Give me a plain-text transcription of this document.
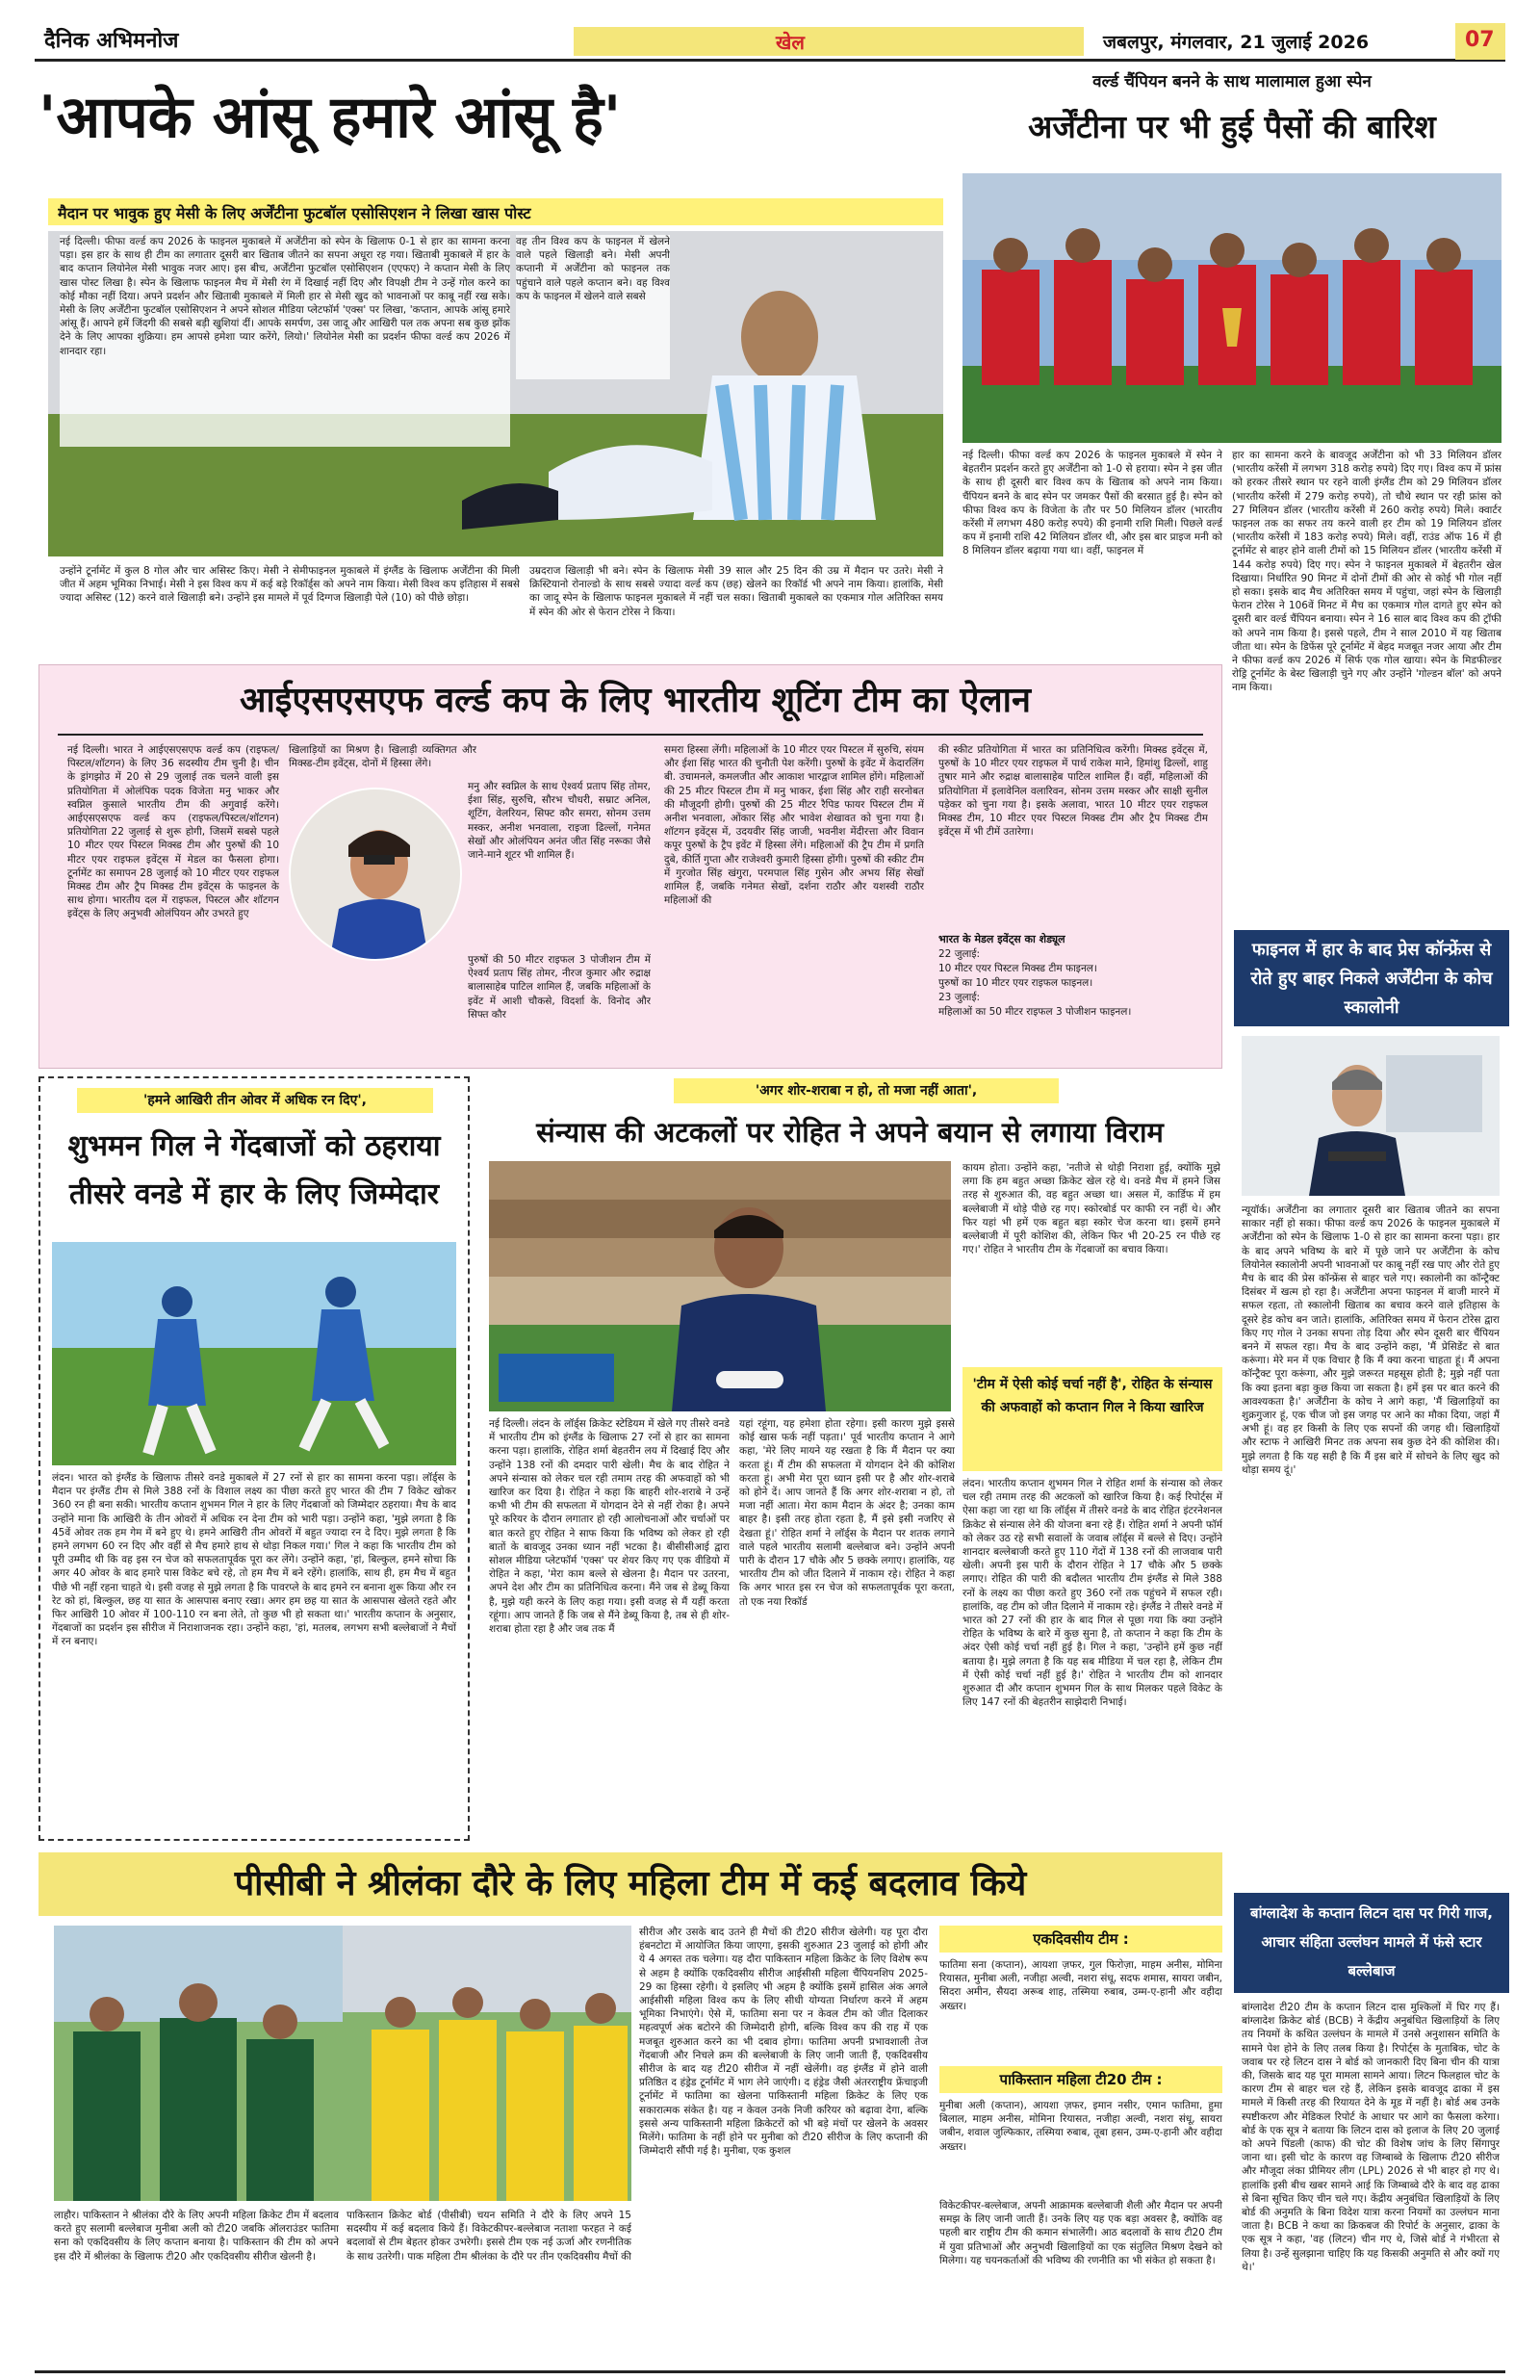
दैनिक अभिमनोज	खेल	जबलपुर, मंगलवार, 21 जुलाई 2026	07
'आपके आंसू हमारे आंसू है'
मैदान पर भावुक हुए मेसी के लिए अर्जेंटीना फुटबॉल एसोसिएशन ने लिखा खास पोस्ट
नई दिल्ली। फीफा वर्ल्ड कप 2026 के फाइनल मुकाबले में अर्जेंटीना को स्पेन के खिलाफ 0-1 से हार का सामना करना पड़ा। इस हार के साथ ही टीम का लगातार दूसरी बार खिताब जीतने का सपना अधूरा रह गया। खिताबी मुकाबले में हार के बाद कप्तान लियोनेल मेसी भावुक नजर आए। इस बीच, अर्जेंटीना फुटबॉल एसोसिएशन (एएफए) ने कप्तान मेसी के लिए खास पोस्ट लिखा है। स्पेन के खिलाफ फाइनल मैच में मेसी रंग में दिखाई नहीं दिए और विपक्षी टीम ने उन्हें गोल करने का कोई मौका नहीं दिया। अपने प्रदर्शन और खिताबी मुकाबले में मिली हार से मेसी खुद को भावनाओं पर काबू नहीं रख सके। मेसी के लिए अर्जेंटीना फुटबॉल एसोसिएशन ने अपने सोशल मीडिया प्लेटफॉर्म 'एक्स' पर लिखा, 'कप्तान, आपके आंसू हमारे आंसू हैं। आपने हमें जिंदगी की सबसे बड़ी खुशियां दीं। आपके समर्पण, उस जादू और आखिरी पल तक अपना सब कुछ झोंक देने के लिए आपका शुक्रिया। हम आपसे हमेशा प्यार करेंगे, लियो।' लियोनेल मेसी का प्रदर्शन फीफा वर्ल्ड कप 2026 में शानदार रहा।
वह तीन विश्व कप के फाइनल में खेलने वाले पहले खिलाड़ी बने। मेसी अपनी कप्तानी में अर्जेंटीना को फाइनल तक पहुंचाने वाले पहले कप्तान बने। वह विश्व कप के फाइनल में खेलने वाले सबसे
उन्होंने टूर्नामेंट में कुल 8 गोल और चार असिस्ट किए। मेसी ने सेमीफाइनल मुकाबले में इंग्लैंड के खिलाफ अर्जेंटीना की मिली जीत में अहम भूमिका निभाई। मेसी ने इस विश्व कप में कई बड़े रिकॉर्ड्स को अपने नाम किया। मेसी विश्व कप इतिहास में सबसे ज्यादा असिस्ट (12) करने वाले खिलाड़ी बने। उन्होंने इस मामले में पूर्व दिग्गज खिलाड़ी पेले (10) को पीछे छोड़ा।
उम्रदराज खिलाड़ी भी बने। स्पेन के खिलाफ मेसी 39 साल और 25 दिन की उम्र में मैदान पर उतरे। मेसी ने क्रिस्टियानो रोनाल्डो के साथ सबसे ज्यादा वर्ल्ड कप (छह) खेलने का रिकॉर्ड भी अपने नाम किया। हालांकि, मेसी का जादू स्पेन के खिलाफ फाइनल मुकाबले में नहीं चल सका। खिताबी मुकाबले का एकमात्र गोल अतिरिक्त समय में स्पेन की ओर से फेरान टोरेस ने किया।
वर्ल्ड चैंपियन बनने के साथ मालामाल हुआ स्पेन
अर्जेंटीना पर भी हुई पैसों की बारिश
नई दिल्ली। फीफा वर्ल्ड कप 2026 के फाइनल मुकाबले में स्पेन ने बेहतरीन प्रदर्शन करते हुए अर्जेंटीना को 1-0 से हराया। स्पेन ने इस जीत के साथ ही दूसरी बार विश्व कप के खिताब को अपने नाम किया। चैंपियन बनने के बाद स्पेन पर जमकर पैसों की बरसात हुई है। स्पेन को फीफा विश्व कप के विजेता के तौर पर 50 मिलियन डॉलर (भारतीय करेंसी में लगभग 480 करोड़ रुपये) की इनामी राशि मिली। पिछले वर्ल्ड कप में इनामी राशि 42 मिलियन डॉलर थी, और इस बार प्राइज मनी को 8 मिलियन डॉलर बढ़ाया गया था। वहीं, फाइनल में
हार का सामना करने के बावजूद अर्जेंटीना को भी 33 मिलियन डॉलर (भारतीय करेंसी में लगभग 318 करोड़ रुपये) दिए गए। विश्व कप में फ्रांस को हरकर तीसरे स्थान पर रहने वाली इंग्लैंड टीम को 29 मिलियन डॉलर (भारतीय करेंसी में 279 करोड़ रुपये), तो चौथे स्थान पर रही फ्रांस को 27 मिलियन डॉलर (भारतीय करेंसी में 260 करोड़ रुपये) मिले। क्वार्टर फाइनल तक का सफर तय करने वाली हर टीम को 19 मिलियन डॉलर (भारतीय करेंसी में 183 करोड़ रुपये) मिले। वहीं, राउंड ऑफ 16 में ही टूर्नामेंट से बाहर होने वाली टीमों को 15 मिलियन डॉलर (भारतीय करेंसी में 144 करोड़ रुपये) दिए गए। स्पेन ने फाइनल मुकाबले में बेहतरीन खेल दिखाया। निर्धारित 90 मिनट में दोनों टीमों की ओर से कोई भी गोल नहीं हो सका। इसके बाद मैच अतिरिक्त समय में पहुंचा, जहां स्पेन के खिलाड़ी फेरान टोरेस ने 106वें मिनट में मैच का एकमात्र गोल दागते हुए स्पेन को दूसरी बार वर्ल्ड चैंपियन बनाया। स्पेन ने 16 साल बाद विश्व कप की ट्रॉफी को अपने नाम किया है। इससे पहले, टीम ने साल 2010 में यह खिताब जीता था। स्पेन के डिफेंस पूरे टूर्नामेंट में बेहद मजबूत नजर आया और टीम ने फीफा वर्ल्ड कप 2026 में सिर्फ एक गोल खाया। स्पेन के मिडफील्डर रोड्रि टूर्नामेंट के बेस्ट खिलाड़ी चुने गए और उन्होंने 'गोल्डन बॉल' को अपने नाम किया।
आईएसएसएफ वर्ल्ड कप के लिए भारतीय शूटिंग टीम का ऐलान
नई दिल्ली। भारत ने आईएसएसएफ वर्ल्ड कप (राइफल/पिस्टल/शॉटगन) के लिए 36 सदस्यीय टीम चुनी है। चीन के ड्रांगझोउ में 20 से 29 जुलाई तक चलने वाली इस प्रतियोगिता में ओलंपिक पदक विजेता मनु भाकर और स्वप्निल कुसाले भारतीय टीम की अगुवाई करेंगे। आईएसएसएफ वर्ल्ड कप (राइफल/पिस्टल/शॉटगन) प्रतियोगिता 22 जुलाई से शुरू होगी, जिसमें सबसे पहले 10 मीटर एयर पिस्टल मिक्स्ड टीम और पुरुषों की 10 मीटर एयर राइफल इवेंट्स में मेडल का फैसला होगा। टूर्नामेंट का समापन 28 जुलाई को 10 मीटर एयर राइफल मिक्स्ड टीम और ट्रैप मिक्स्ड टीम इवेंट्स के फाइनल के साथ होगा। भारतीय दल में राइफल, पिस्टल और शॉटगन इवेंट्स के लिए अनुभवी ओलंपियन और उभरते हुए
खिलाड़ियों का मिश्रण है। खिलाड़ी व्यक्तिगत और मिक्स्ड-टीम इवेंट्स, दोनों में हिस्सा लेंगे।
मनु और स्वप्निल के साथ ऐश्वर्य प्रताप सिंह तोमर, ईशा सिंह, सुरुचि, सौरभ चौधरी, सम्राट अनिल, शूटिंग, वेलरियन, सिफ्ट कौर समरा, सोनम उत्तम मस्कर, अनीश भनवाला, राइजा ढिल्लों, गनेमत सेखों और ओलंपियन अनंत जीत सिंह नरूका जैसे जाने-माने शूटर भी शामिल हैं।
पुरुषों की 50 मीटर राइफल 3 पोजीशन टीम में ऐश्वर्य प्रताप सिंह तोमर, नीरज कुमार और रुद्राक्ष बालासाहेब पाटिल शामिल हैं, जबकि महिलाओं के इवेंट में आशी चौकसे, विदर्शा के. विनोद और सिफ्त कौर
समरा हिस्सा लेंगी। महिलाओं के 10 मीटर एयर पिस्टल में सुरुचि, संयम और ईशा सिंह भारत की चुनौती पेश करेंगी। पुरुषों के इवेंट में केदारलिंग बी. उचामनले, कमलजीत और आकाश भारद्वाज शामिल होंगे। महिलाओं की 25 मीटर पिस्टल टीम में मनु भाकर, ईशा सिंह और राही सरनोबत की मौजूदगी होगी। पुरुषों की 25 मीटर रैपिड फायर पिस्टल टीम में अनीश भनवाला, ओंकार सिंह और भावेश शेखावत को चुना गया है। शॉटगन इवेंट्स में, उदयवीर सिंह जाजी, भवनीश मेंदीरत्ता और विवान कपूर पुरुषों के ट्रैप इवेंट में हिस्सा लेंगे। महिलाओं की ट्रैप टीम में प्रगति दुबे, कीर्ति गुप्ता और राजेश्वरी कुमारी हिस्सा होंगी। पुरुषों की स्कीट टीम में गुरजोत सिंह खंगुरा, परमपाल सिंह गुसेन और अभय सिंह सेखों शामिल हैं, जबकि गनेमत सेखों, दर्शना राठौर और यशस्वी राठौर महिलाओं की
की स्कीट प्रतियोगिता में भारत का प्रतिनिधित्व करेंगी। मिक्स्ड इवेंट्स में, पुरुषों के 10 मीटर एयर राइफल में पार्थ राकेश माने, हिमांशु ढिल्लों, शाहु तुषार माने और रुद्राक्ष बालासाहेब पाटिल शामिल हैं। वहीं, महिलाओं की प्रतियोगिता में इलावेनिल वलारिवन, सोनम उत्तम मस्कर और साक्षी सुनील पड़ेकर को चुना गया है। इसके अलावा, भारत 10 मीटर एयर राइफल मिक्स्ड टीम, 10 मीटर एयर पिस्टल मिक्स्ड टीम और ट्रैप मिक्स्ड टीम इवेंट्स में भी टीमें उतारेगा।
भारत के मेडल इवेंट्स का शेड्यूल
22 जुलाई:
10 मीटर एयर पिस्टल मिक्स्ड टीम फाइनल।
पुरुषों का 10 मीटर एयर राइफल फाइनल।
23 जुलाई:
महिलाओं का 50 मीटर राइफल 3 पोजीशन फाइनल।
फाइनल में हार के बाद प्रेस कॉन्फ्रेंस से रोते हुए बाहर निकले अर्जेंटीना के कोच स्कालोनी
न्यूयॉर्क। अर्जेंटीना का लगातार दूसरी बार खिताब जीतने का सपना साकार नहीं हो सका। फीफा वर्ल्ड कप 2026 के फाइनल मुकाबले में अर्जेंटीना को स्पेन के खिलाफ 1-0 से हार का सामना करना पड़ा। हार के बाद अपने भविष्य के बारे में पूछे जाने पर अर्जेंटीना के कोच लियोनेल स्कालोनी अपनी भावनाओं पर काबू नहीं रख पाए और रोते हुए मैच के बाद की प्रेस कॉन्फ्रेंस से बाहर चले गए। स्कालोनी का कॉन्ट्रैक्ट दिसंबर में खत्म हो रहा है। अर्जेंटीना अपना फाइनल में बाजी मारने में सफल रहता, तो स्कालोनी खिताब का बचाव करने वाले इतिहास के दूसरे हेड कोच बन जाते। हालांकि, अतिरिक्त समय में फेरान टोरेस द्वारा किए गए गोल ने उनका सपना तोड़ दिया और स्पेन दूसरी बार चैंपियन बनने में सफल रहा। मैच के बाद उन्होंने कहा, 'मैं प्रेसिडेंट से बात करूंगा। मेरे मन में एक विचार है कि मैं क्या करना चाहता हूं। मैं अपना कॉन्ट्रैक्ट पूरा करूंगा, और मुझे जरूरत महसूस होती है; मुझे नहीं पता कि क्या इतना बड़ा कुछ किया जा सकता है। हमें इस पर बात करने की आवश्यकता है।' अर्जेंटीना के कोच ने आगे कहा, 'मैं खिलाड़ियों का शुक्रगुजार हूं, एक चीज जो इस जगह पर आने का मौका दिया, जहां मैं अभी हूं। वह हर किसी के लिए एक सपनों की जगह थी। खिलाड़ियों और स्टाफ ने आखिरी मिनट तक अपना सब कुछ देने की कोशिश की। मुझे लगता है कि यह सही है कि मैं इस बारे में सोचने के लिए खुद को थोड़ा समय दूं।'
बांग्लादेश के कप्तान लिटन दास पर गिरी गाज, आचार संहिता उल्लंघन मामले में फंसे स्टार बल्लेबाज
बांग्लादेश टी20 टीम के कप्तान लिटन दास मुश्किलों में घिर गए हैं। बांग्लादेश क्रिकेट बोर्ड (BCB) ने केंद्रीय अनुबंधित खिलाड़ियों के लिए तय नियमों के कथित उल्लंघन के मामले में उनसे अनुशासन समिति के सामने पेश होने के लिए तलब किया है। रिपोर्ट्स के मुताबिक, चोट के जवाब पर रहे लिटन दास ने बोर्ड को जानकारी दिए बिना चीन की यात्रा की, जिसके बाद यह पूरा मामला सामने आया। लिटन फिलहाल चोट के कारण टीम से बाहर चल रहे हैं, लेकिन इसके बावजूद ढाका में इस मामले में किसी तरह की रियायत देने के मूड में नहीं है। बोर्ड अब उनके स्पष्टीकरण और मेडिकल रिपोर्ट के आधार पर आगे का फैसला करेगा। बोर्ड के एक सूत्र ने बताया कि लिटन दास को इलाज के लिए 20 जुलाई को अपने पिंडली (काफ) की चोट की विशेष जांच के लिए सिंगापुर जाना था। इसी चोट के कारण वह जिम्बाब्वे के खिलाफ टी20 सीरीज और मौजूदा लंका प्रीमियर लीग (LPL) 2026 से भी बाहर हो गए थे। हालांकि इसी बीच खबर सामने आई कि जिम्बाब्वे दौरे के बाद वह ढाका से बिना सूचित किए चीन चले गए। केंद्रीय अनुबंधित खिलाड़ियों के लिए बोर्ड की अनुमति के बिना विदेश यात्रा करना नियमों का उल्लंघन माना जाता है। BCB ने कथा का क्रिकबज की रिपोर्ट के अनुसार, ढाका के एक सूत्र ने कहा, 'वह (लिटन) चीन गए थे, जिसे बोर्ड ने गंभीरता से लिया है। उन्हें सुलझाना चाहिए कि यह किसकी अनुमति से और क्यों गए थे।'
'हमने आखिरी तीन ओवर में अधिक रन दिए',
शुभमन गिल ने गेंदबाजों को ठहराया तीसरे वनडे में हार के लिए जिम्मेदार
लंदन। भारत को इंग्लैंड के खिलाफ तीसरे वनडे मुकाबले में 27 रनों से हार का सामना करना पड़ा। लॉर्ड्स के मैदान पर इंग्लैंड टीम से मिले 388 रनों के विशाल लक्ष्य का पीछा करते हुए भारत की टीम 7 विकेट खोकर 360 रन ही बना सकी। भारतीय कप्तान शुभमन गिल ने हार के लिए गेंदबाजों को जिम्मेदार ठहराया। मैच के बाद उन्होंने माना कि आखिरी के तीन ओवरों में अधिक रन देना टीम को भारी पड़ा। उन्होंने कहा, 'मुझे लगता है कि 45वें ओवर तक हम गेम में बने हुए थे। हमने आखिरी तीन ओवरों में बहुत ज्यादा रन दे दिए। मुझे लगता है कि हमने लगभग 60 रन दिए और वहीं से मैच हमारे हाथ से थोड़ा निकल गया।' गिल ने कहा कि भारतीय टीम को पूरी उम्मीद थी कि वह इस रन चेज को सफलतापूर्वक पूरा कर लेंगे। उन्होंने कहा, 'हां, बिल्कुल, हमने सोचा कि अगर 40 ओवर के बाद हमारे पास विकेट बचे रहे, तो हम मैच में बने रहेंगे। हालांकि, साथ ही, हम मैच में बहुत पीछे भी नहीं रहना चाहते थे। इसी वजह से मुझे लगता है कि पावरप्ले के बाद हमने रन बनाना शुरू किया और रन रेट को हां, बिल्कुल, छह या सात के आसपास बनाए रखा। अगर हम छह या सात के आसपास खेलते रहते और फिर आखिरी 10 ओवर में 100-110 रन बना लेते, तो कुछ भी हो सकता था।' भारतीय कप्तान के अनुसार, गेंदबाजों का प्रदर्शन इस सीरीज में निराशाजनक रहा। उन्होंने कहा, 'हां, मतलब, लगभग सभी बल्लेबाजों ने मैचों में रन बनाए।
'अगर शोर-शराबा न हो, तो मजा नहीं आता',
संन्यास की अटकलों पर रोहित ने अपने बयान से लगाया विराम
कायम होता। उन्होंने कहा, 'नतीजे से थोड़ी निराशा हुई, क्योंकि मुझे लगा कि हम बहुत अच्छा क्रिकेट खेल रहे थे। वनडे मैच में हमने जिस तरह से शुरुआत की, वह बहुत अच्छा था। असल में, कार्डिफ में हम बल्लेबाजी में थोड़े पीछे रह गए। स्कोरबोर्ड पर काफी रन नहीं थे। और फिर यहां भी हमें एक बहुत बड़ा स्कोर चेज करना था। इसमें हमने बल्लेबाजी में पूरी कोशिश की, लेकिन फिर भी 20-25 रन पीछे रह गए।' रोहित ने भारतीय टीम के गेंदबाजों का बचाव किया।
नई दिल्ली। लंदन के लॉर्ड्स क्रिकेट स्टेडियम में खेले गए तीसरे वनडे में भारतीय टीम को इंग्लैंड के खिलाफ 27 रनों से हार का सामना करना पड़ा। हालांकि, रोहित शर्मा बेहतरीन लय में दिखाई दिए और उन्होंने 138 रनों की दमदार पारी खेली। मैच के बाद रोहित ने अपने संन्यास को लेकर चल रही तमाम तरह की अफवाहों को भी खारिज कर दिया है। रोहित ने कहा कि बाहरी शोर-शराबे ने उन्हें कभी भी टीम की सफलता में योगदान देने से नहीं रोका है। अपने पूरे करियर के दौरान लगातार हो रही आलोचनाओं और चर्चाओं पर बात करते हुए रोहित ने साफ किया कि भविष्य को लेकर हो रही बातों के बावजूद उनका ध्यान नहीं भटका है। बीसीसीआई द्वारा सोशल मीडिया प्लेटफॉर्म 'एक्स' पर शेयर किए गए एक वीडियो में रोहित ने कहा, 'मेरा काम बल्ले से खेलना है। मैदान पर उतरना, अपने देश और टीम का प्रतिनिधित्व करना। मैंने जब से डेब्यू किया है, मुझे यही करने के लिए कहा गया। इसी वजह से मैं यहीं करता रहूंगा। आप जानते हैं कि जब से मैंने डेब्यू किया है, तब से ही शोर-शराबा होता रहा है और जब तक मैं
यहां रहूंगा, यह हमेशा होता रहेगा। इसी कारण मुझे इससे कोई खास फर्क नहीं पड़ता।' पूर्व भारतीय कप्तान ने आगे कहा, 'मेरे लिए मायने यह रखता है कि मैं मैदान पर क्या करता हूं। मैं टीम की सफलता में योगदान देने की कोशिश करता हूं। अभी मेरा पूरा ध्यान इसी पर है और शोर-शराबे को होने दें। आप जानते हैं कि अगर शोर-शराबा न हो, तो मजा नहीं आता। मेरा काम मैदान के अंदर है; उनका काम बाहर है। इसी तरह होता रहता है, मैं इसे इसी नजरिए से देखता हूं।' रोहित शर्मा ने लॉर्ड्स के मैदान पर शतक लगाने वाले पहले भारतीय सलामी बल्लेबाज बने। उन्होंने अपनी पारी के दौरान 17 चौके और 5 छक्के लगाए। हालांकि, यह भारतीय टीम को जीत दिलाने में नाकाम रहे। रोहित ने कहा कि अगर भारत इस रन चेज को सफलतापूर्वक पूरा करता, तो एक नया रिकॉर्ड
'टीम में ऐसी कोई चर्चा नहीं है', रोहित के संन्यास की अफवाहों को कप्तान गिल ने किया खारिज
लंदन। भारतीय कप्तान शुभमन गिल ने रोहित शर्मा के संन्यास को लेकर चल रही तमाम तरह की अटकलों को खारिज किया है। कई रिपोर्ट्स में ऐसा कहा जा रहा था कि लॉर्ड्स में तीसरे वनडे के बाद रोहित इंटरनेशनल क्रिकेट से संन्यास लेने की योजना बना रहे हैं। रोहित शर्मा ने अपनी फॉर्म को लेकर उठ रहे सभी सवालों के जवाब लॉर्ड्स में बल्ले से दिए। उन्होंने शानदार बल्लेबाजी करते हुए 110 गेंदों में 138 रनों की लाजवाब पारी खेली। अपनी इस पारी के दौरान रोहित ने 17 चौके और 5 छक्के लगाए। रोहित की पारी की बदौलत भारतीय टीम इंग्लैंड से मिले 388 रनों के लक्ष्य का पीछा करते हुए 360 रनों तक पहुंचने में सफल रही। हालांकि, वह टीम को जीत दिलाने में नाकाम रहे। इंग्लैंड ने तीसरे वनडे में भारत को 27 रनों की हार के बाद गिल से पूछा गया कि क्या उन्होंने रोहित के भविष्य के बारे में कुछ सुना है, तो कप्तान ने कहा कि टीम के अंदर ऐसी कोई चर्चा नहीं हुई है। गिल ने कहा, 'उन्होंने हमें कुछ नहीं बताया है। मुझे लगता है कि यह सब मीडिया में चल रहा है, लेकिन टीम में ऐसी कोई चर्चा नहीं हुई है।' रोहित ने भारतीय टीम को शानदार शुरुआत दी और कप्तान शुभमन गिल के साथ मिलकर पहले विकेट के लिए 147 रनों की बेहतरीन साझेदारी निभाई।
पीसीबी ने श्रीलंका दौरे के लिए महिला टीम में कई बदलाव किये
सीरीज और उसके बाद उतने ही मैचों की टी20 सीरीज खेलेगी। यह पूरा दौरा हंबनटोटा में आयोजित किया जाएगा, इसकी शुरुआत 23 जुलाई को होगी और ये 4 अगस्त तक चलेगा। यह दौरा पाकिस्तान महिला क्रिकेट के लिए विशेष रूप से अहम है क्योंकि एकदिवसीय सीरीज आईसीसी महिला चैंपियनशिप 2025-29 का हिस्सा रहेगी। ये इसलिए भी अहम है क्योंकि इसमें हासिल अंक अगले आईसीसी महिला विश्व कप के लिए सीधी योग्यता निर्धारण करने में अहम भूमिका निभाएंगे। ऐसे में, फातिमा सना पर न केवल टीम को जीत दिलाकर महत्वपूर्ण अंक बटोरने की जिम्मेदारी होगी, बल्कि विश्व कप की राह में एक मजबूत शुरुआत करने का भी दबाव होगा। फातिमा अपनी प्रभावशाली तेज गेंदबाजी और निचले क्रम की बल्लेबाजी के लिए जानी जाती हैं, एकदिवसीय सीरीज के बाद यह टी20 सीरीज में नहीं खेलेंगी। वह इंग्लैंड में होने वाली प्रतिष्ठित द हंड्रेड टूर्नामेंट में भाग लेने जाएंगी। द हंड्रेड जैसी अंतरराष्ट्रीय फ्रेंचाइजी टूर्नामेंट में फातिमा का खेलना पाकिस्तानी महिला क्रिकेट के लिए एक सकारात्मक संकेत है। यह न केवल उनके निजी करियर को बढ़ावा देगा, बल्कि इससे अन्य पाकिस्तानी महिला क्रिकेटरों को भी बड़े मंचों पर खेलने के अवसर मिलेंगे। फातिमा के नहीं होने पर मुनीबा को टी20 सीरीज के लिए कप्तानी की जिम्मेदारी सौंपी गई है। मुनीबा, एक कुशल
एकदिवसीय टीम :
फातिमा सना (कप्तान), आयशा ज़फर, गुल फिरोज़ा, माहम अनीस, मोमिना रियासत, मुनीबा अली, नजीहा अल्वी, नशरा संधू, सदफ शमास, सायरा जबीन, सिदरा अमीन, सैयदा अरूब शाह, तस्मिया रुबाब, उम्म-ए-हानी और वहीदा अख्तर।
पाकिस्तान महिला टी20 टीम :
मुनीबा अली (कप्तान), आयशा ज़फर, इमान नसीर, एमान फातिमा, हुमा बिलाल, माहम अनीस, मोमिना रियासत, नजीहा अल्वी, नशरा संधू, सायरा जबीन, शवाल जुल्फिकार, तस्मिया रुबाब, तूबा हसन, उम्म-ए-हानी और वहीदा अख्तर।
विकेटकीपर-बल्लेबाज, अपनी आक्रामक बल्लेबाजी शैली और मैदान पर अपनी समझ के लिए जानी जाती हैं। उनके लिए यह एक बड़ा अवसर है, क्योंकि वह पहली बार राष्ट्रीय टीम की कमान संभालेंगी। आठ बदलावों के साथ टी20 टीम में युवा प्रतिभाओं और अनुभवी खिलाड़ियों का एक संतुलित मिश्रण देखने को मिलेगा। यह चयनकर्ताओं की भविष्य की रणनीति का भी संकेत हो सकता है।
लाहौर। पाकिस्तान ने श्रीलंका दौरे के लिए अपनी महिला क्रिकेट टीम में बदलाव करते हुए सलामी बल्लेबाज मुनीबा अली को टी20 जबकि ऑलराउंडर फातिमा सना को एकदिवसीय के लिए कप्तान बनाया है। पाकिस्तान की टीम को अपने इस दौरे में श्रीलंका के खिलाफ टी20 और एकदिवसीय सीरीज खेलनी है।
पाकिस्तान क्रिकेट बोर्ड (पीसीबी) चयन समिति ने दौरे के लिए अपने 15 सदस्यीय में कई बदलाव किये हैं। विकेटकीपर-बल्लेबाज नताशा फरहत ने कई बदलावों से टीम बेहतर होकर उभरेगी। इससे टीम एक नई ऊर्जा और रणनीतिक के साथ उतरेगी। पाक महिला टीम श्रीलंका के दौरे पर तीन एकदिवसीय मैचों की
